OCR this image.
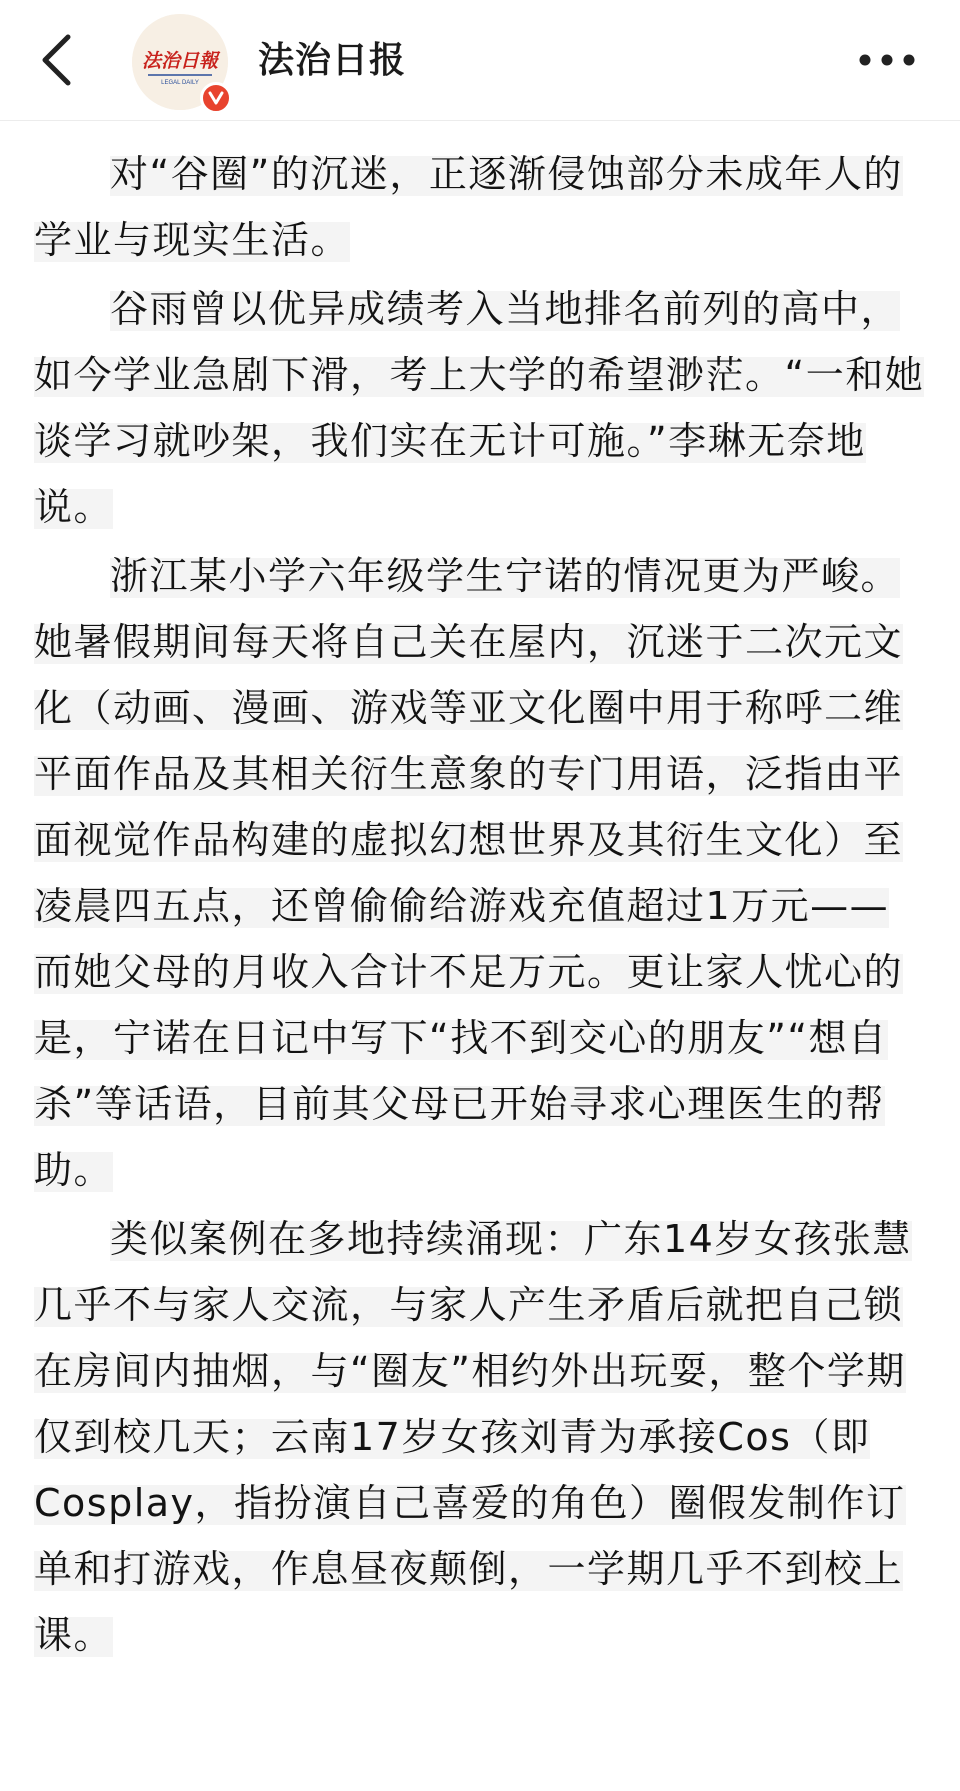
法治日報
LEGAL DAILY
法治日报

对“谷圈”的沉迷，正逐渐侵蚀部分未成年人的学业与现实生活。

谷雨曾以优异成绩考入当地排名前列的高中，如今学业急剧下滑，考上大学的希望渺茫。“一和她谈学习就吵架，我们实在无计可施。”李琳无奈地说。

浙江某小学六年级学生宁诺的情况更为严峻。她暑假期间每天将自己关在屋内，沉迷于二次元文化（动画、漫画、游戏等亚文化圈中用于称呼二维平面作品及其相关衍生意象的专门用语，泛指由平面视觉作品构建的虚拟幻想世界及其衍生文化）至凌晨四五点，还曾偷偷给游戏充值超过1万元——而她父母的月收入合计不足万元。更让家人忧心的是，宁诺在日记中写下“找不到交心的朋友”“想自杀”等话语，目前其父母已开始寻求心理医生的帮助。

类似案例在多地持续涌现：广东14岁女孩张慧几乎不与家人交流，与家人产生矛盾后就把自己锁在房间内抽烟，与“圈友”相约外出玩耍，整个学期仅到校几天；云南17岁女孩刘青为承接Cos（即Cosplay，指扮演自己喜爱的角色）圈假发制作订单和打游戏，作息昼夜颠倒，一学期几乎不到校上课。
